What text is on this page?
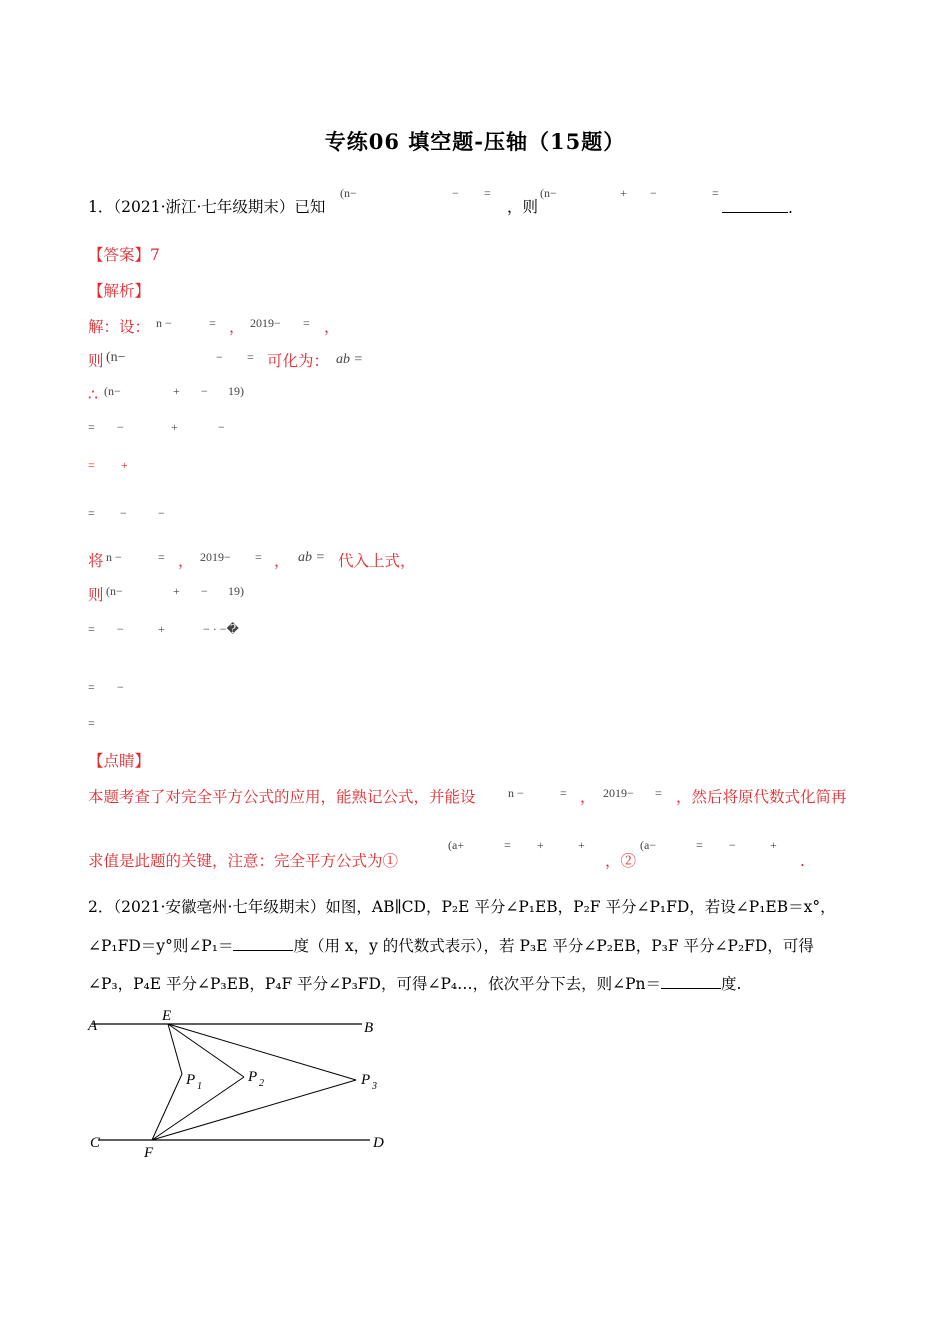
专练06 填空题-压轴（15题）
1．（2021·浙江·七年级期末）已知
(n−	− =
，则
(n−	+ −	=
.
【答案】7
【解析】
解：设： n −	= ， 2019− = ，
则 (n−	− = 可化为： ab =
∴ (n−	+ − 19)
= −	+	−
= +
= −	−
将 n −	= ， 2019− = ， ab = 代入上式，
则 (n−	+ − 19)
= −	+	− · −�
= −
=
【点睛】
本题考查了对完全平方公式的应用，能熟记公式，并能设	n −	= ， 2019− = ，然后将原代数式化简再
求值是此题的关键，注意：完全平方公式为①
(a+	= +	+
，②
(a−	= −	+
.
2．（2021·安徽亳州·七年级期末）如图，AB∥CD，P₂E 平分∠P₁EB，P₂F 平分∠P₁FD，若设∠P₁EB＝x°，
∠P₁FD＝y°则∠P₁＝	度（用 x，y 的代数式表示），若 P₃E 平分∠P₂EB，P₃F 平分∠P₂FD，可得
∠P₃，P₄E 平分∠P₃EB，P₄F 平分∠P₃FD，可得∠P₄…，依次平分下去，则∠Pn＝	度.
A	B
E
C	D
F
P 1
P 2	P 3
